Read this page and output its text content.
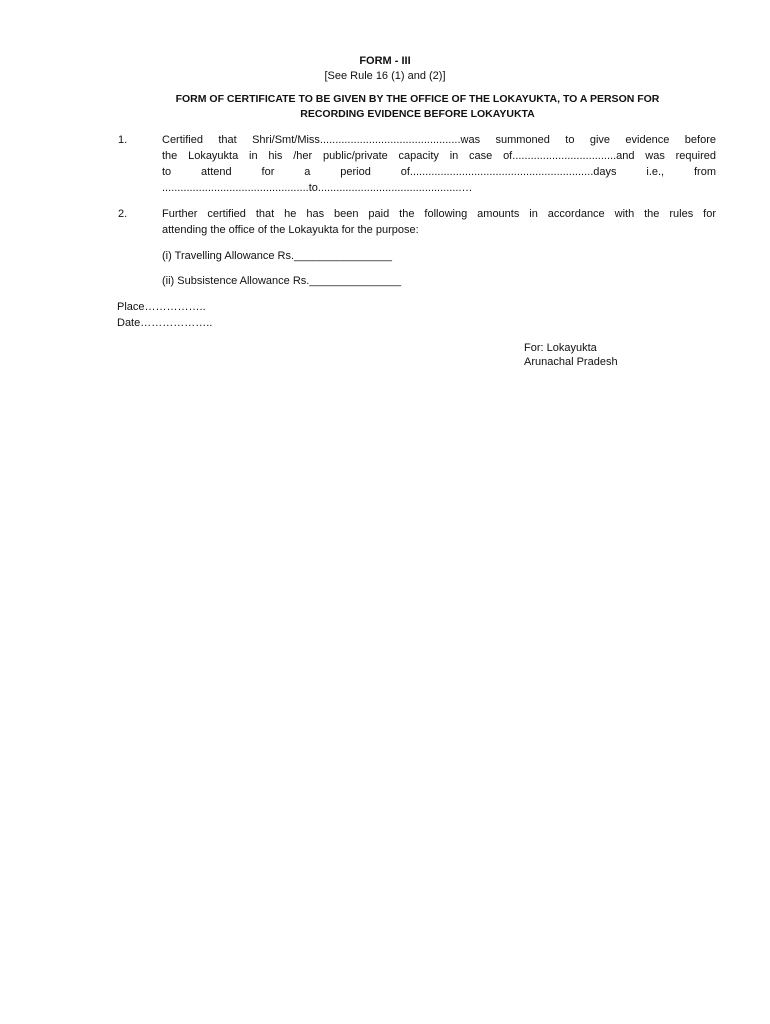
FORM - III
[See Rule 16 (1) and (2)]
FORM OF CERTIFICATE TO BE GIVEN BY THE OFFICE OF THE LOKAYUKTA, TO A PERSON FOR
RECORDING EVIDENCE BEFORE LOKAYUKTA
1.	Certified that Shri/Smt/Miss..............................................was summoned to give evidence before
the Lokayukta in his /her public/private capacity in case of..................................and was required
to attend for a period of............................................................days i.e., from
................................................to...............................................…
2.	Further certified that he has been paid the following amounts in accordance with the rules for
attending the office of the Lokayukta for the purpose:
(i) Travelling Allowance Rs.________________
(ii) Subsistence Allowance Rs._______________
Place……………..
Date………………..
For: Lokayukta
Arunachal Pradesh
